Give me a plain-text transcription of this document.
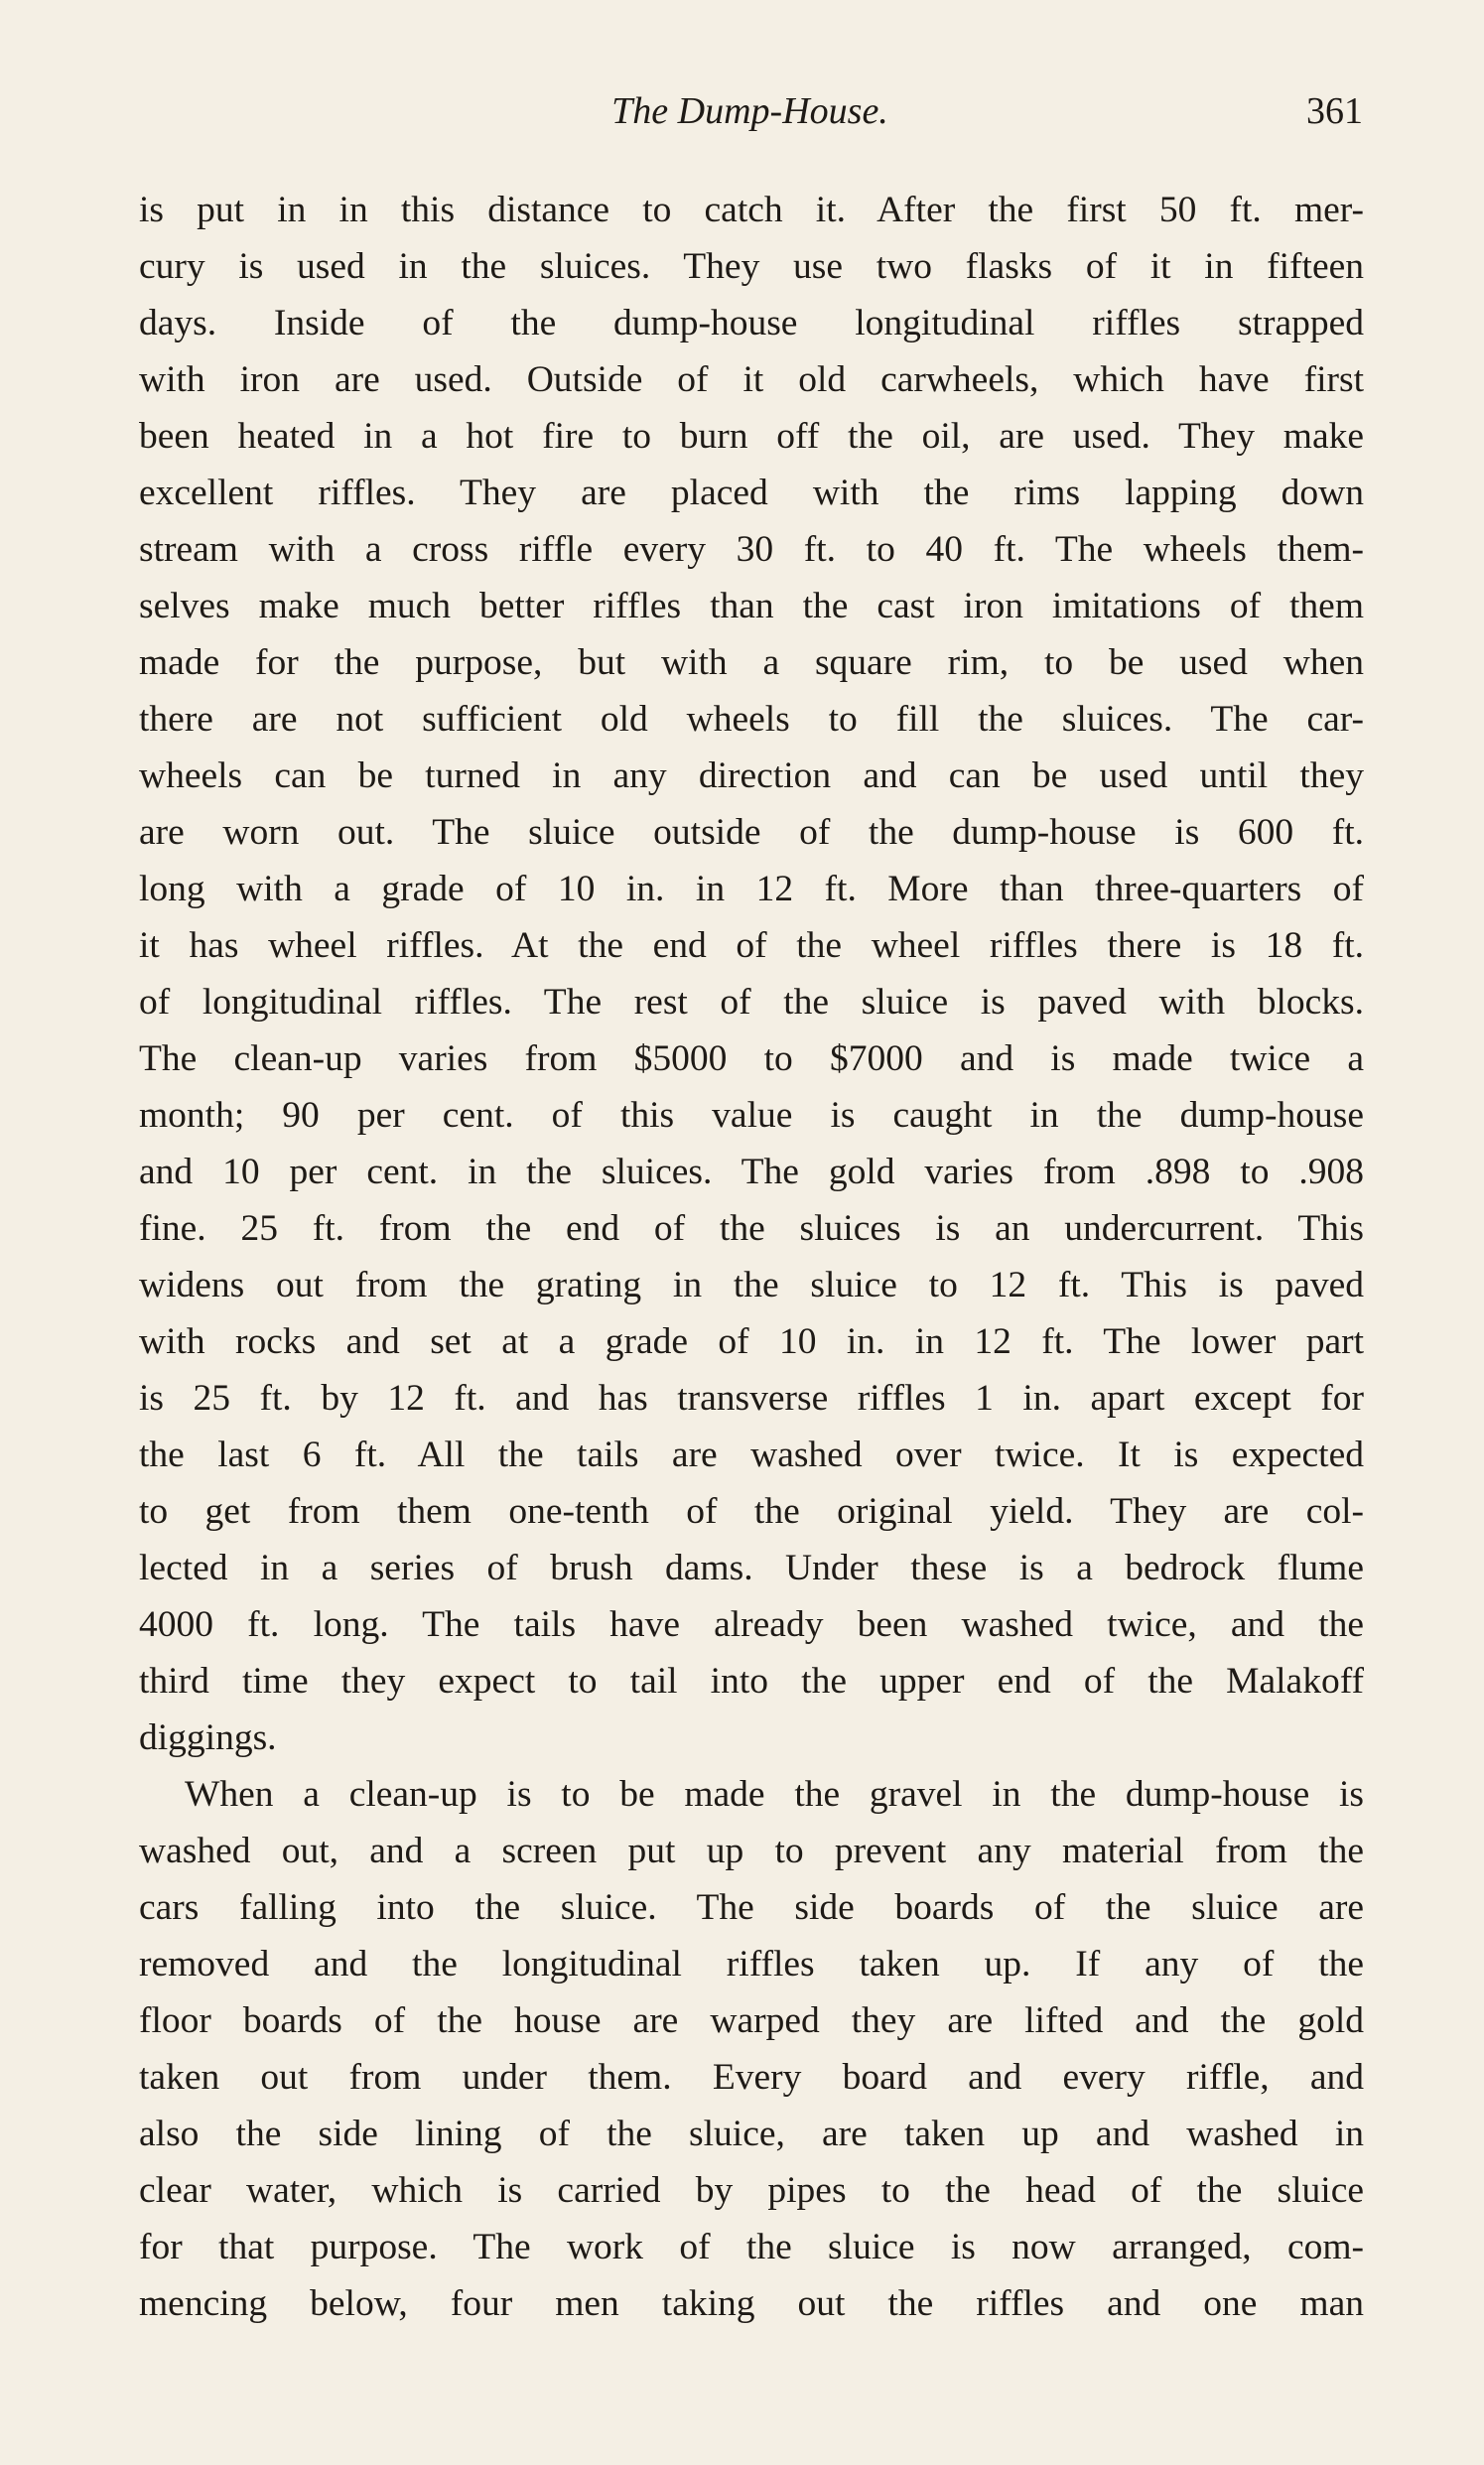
The Dump-House.	361
is put in in this distance to catch it. After the first 50 ft. mer-
cury is used in the sluices. They use two flasks of it in fifteen
days. Inside of the dump-house longitudinal riffles strapped
with iron are used. Outside of it old carwheels, which have first
been heated in a hot fire to burn off the oil, are used. They make
excellent riffles. They are placed with the rims lapping down
stream with a cross riffle every 30 ft. to 40 ft. The wheels them-
selves make much better riffles than the cast iron imitations of them
made for the purpose, but with a square rim, to be used when
there are not sufficient old wheels to fill the sluices. The car-
wheels can be turned in any direction and can be used until they
are worn out. The sluice outside of the dump-house is 600 ft.
long with a grade of 10 in. in 12 ft. More than three-quarters of
it has wheel riffles. At the end of the wheel riffles there is 18 ft.
of longitudinal riffles. The rest of the sluice is paved with blocks.
The clean-up varies from $5000 to $7000 and is made twice a
month; 90 per cent. of this value is caught in the dump-house
and 10 per cent. in the sluices. The gold varies from .898 to .908
fine. 25 ft. from the end of the sluices is an undercurrent. This
widens out from the grating in the sluice to 12 ft. This is paved
with rocks and set at a grade of 10 in. in 12 ft. The lower part
is 25 ft. by 12 ft. and has transverse riffles 1 in. apart except for
the last 6 ft. All the tails are washed over twice. It is expected
to get from them one-tenth of the original yield. They are col-
lected in a series of brush dams. Under these is a bedrock flume
4000 ft. long. The tails have already been washed twice, and the
third time they expect to tail into the upper end of the Malakoff
diggings.
When a clean-up is to be made the gravel in the dump-house is
washed out, and a screen put up to prevent any material from the
cars falling into the sluice. The side boards of the sluice are
removed and the longitudinal riffles taken up. If any of the
floor boards of the house are warped they are lifted and the gold
taken out from under them. Every board and every riffle, and
also the side lining of the sluice, are taken up and washed in
clear water, which is carried by pipes to the head of the sluice
for that purpose. The work of the sluice is now arranged, com-
mencing below, four men taking out the riffles and one man
